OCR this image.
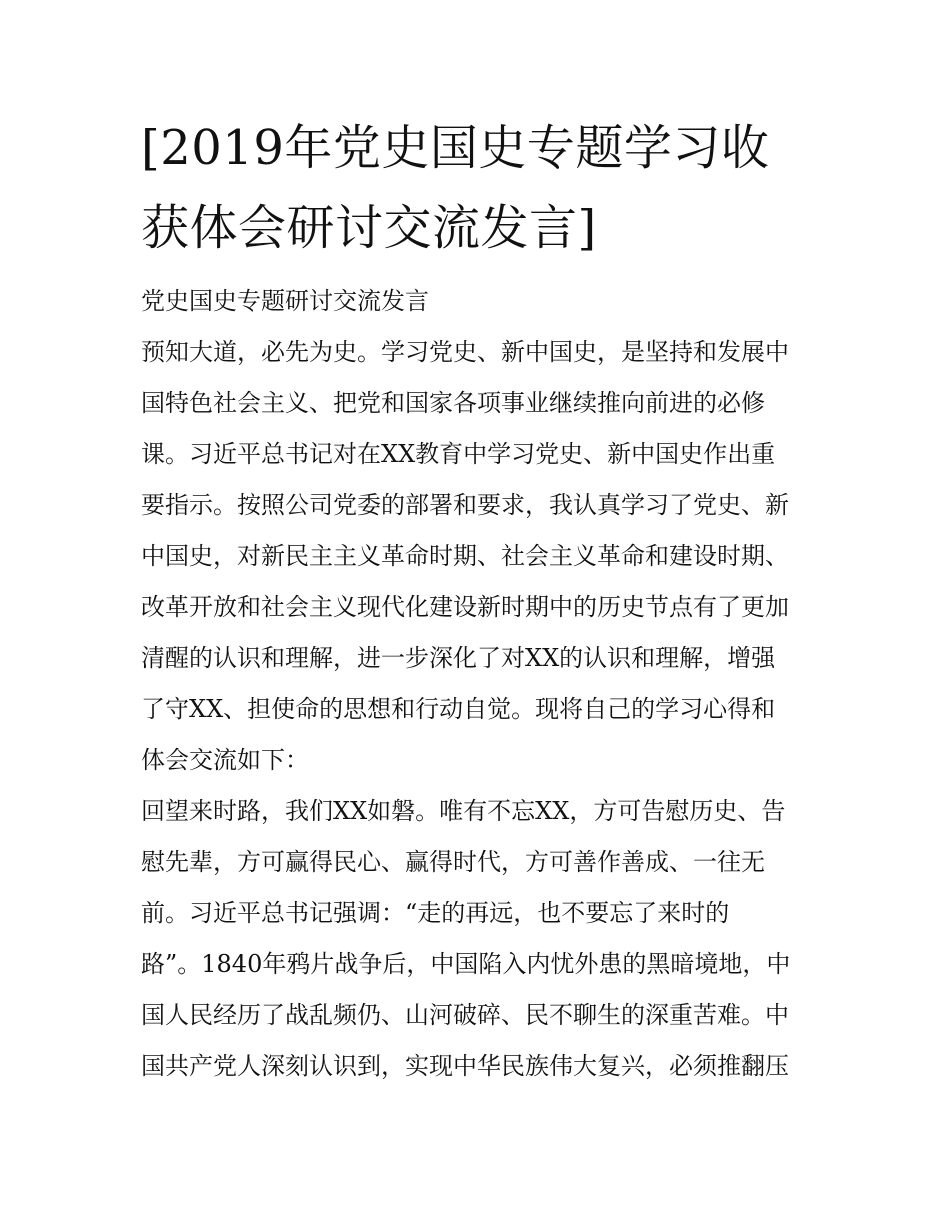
[2019年党史国史专题学习收
获体会研讨交流发言]
党史国史专题研讨交流发言
预知大道，必先为史。学习党史、新中国史，是坚持和发展中
国特色社会主义、把党和国家各项事业继续推向前进的必修
课。习近平总书记对在XX教育中学习党史、新中国史作出重
要指示。按照公司党委的部署和要求，我认真学习了党史、新
中国史，对新民主主义革命时期、社会主义革命和建设时期、
改革开放和社会主义现代化建设新时期中的历史节点有了更加
清醒的认识和理解，进一步深化了对XX的认识和理解，增强
了守XX、担使命的思想和行动自觉。现将自己的学习心得和
体会交流如下：
回望来时路，我们XX如磐。唯有不忘XX，方可告慰历史、告
慰先辈，方可赢得民心、赢得时代，方可善作善成、一往无
前。习近平总书记强调：“走的再远，也不要忘了来时的
路”。1840年鸦片战争后，中国陷入内忧外患的黑暗境地，中
国人民经历了战乱频仍、山河破碎、民不聊生的深重苦难。中
国共产党人深刻认识到，实现中华民族伟大复兴，必须推翻压
